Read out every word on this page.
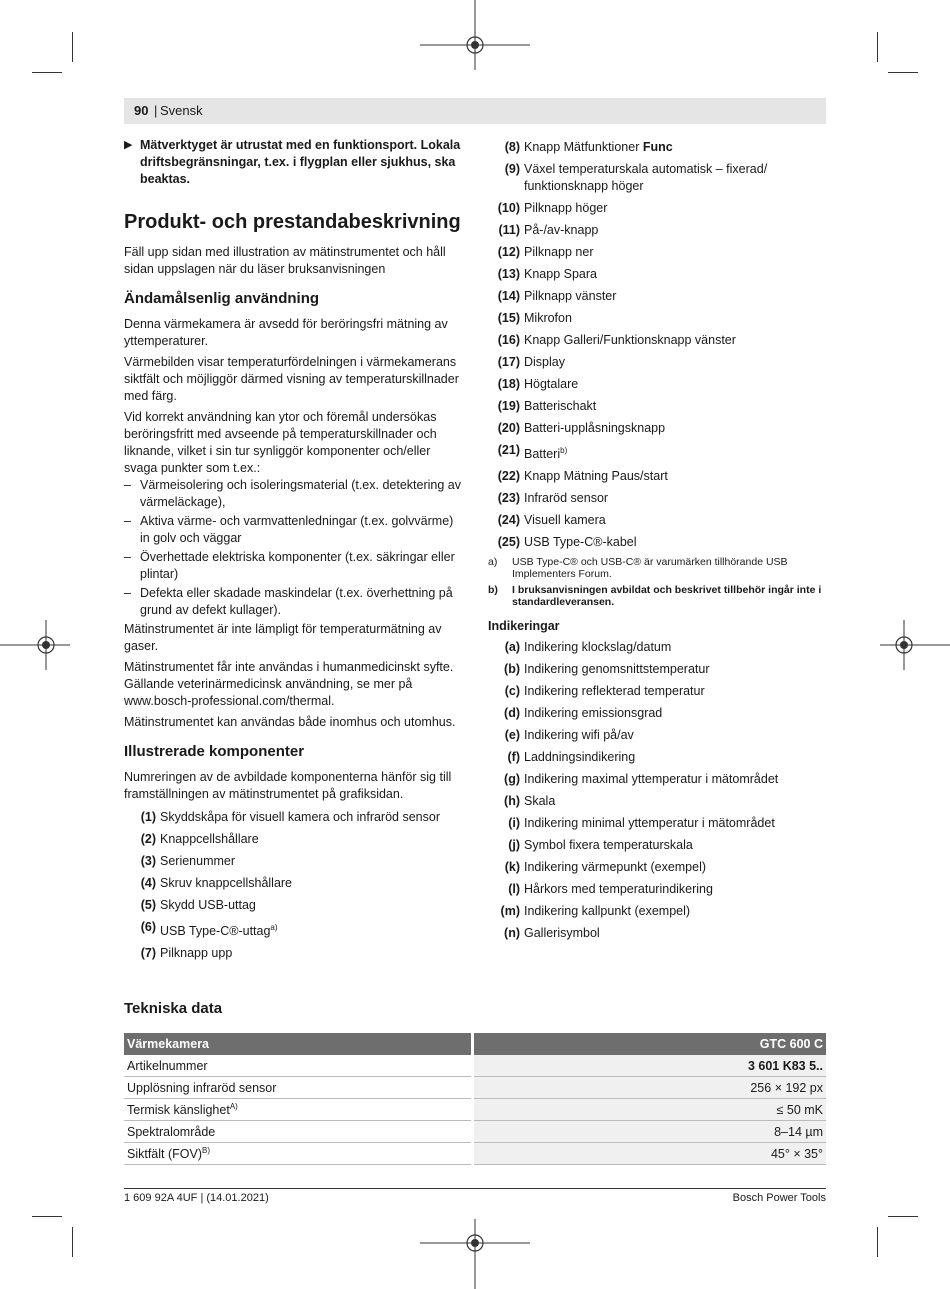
90 | Svensk

▶ Mätverktyget är utrustat med en funktionsport. Lokala driftsbegränsningar, t.ex. i flygplan eller sjukhus, ska beaktas.

Produkt- och prestandabeskrivning

Fäll upp sidan med illustration av mätinstrumentet och håll sidan uppslagen när du läser bruksanvisningen

Ändamålsenlig användning

Denna värmekamera är avsedd för beröringsfri mätning av yttemperaturer.

Värmebilden visar temperaturfördelningen i värmekamerans siktfält och möjliggör därmed visning av temperaturskillnader med färg.

Vid korrekt användning kan ytor och föremål undersökas beröringsfritt med avseende på temperaturskillnader och liknande, vilket i sin tur synliggör komponenter och/eller svaga punkter som t.ex.:

– Värmeisolering och isoleringsmaterial (t.ex. detektering av värmeläckage),
– Aktiva värme- och varmvattenledningar (t.ex. golvvärme) in golv och väggar
– Överhettade elektriska komponenter (t.ex. säkringar eller plintar)
– Defekta eller skadade maskindelar (t.ex. överhettning på grund av defekt kullager).

Mätinstrumentet är inte lämpligt för temperaturmätning av gaser.

Mätinstrumentet får inte användas i humanmedicinskt syfte. Gällande veterinärmedicinsk användning, se mer på www.bosch-professional.com/thermal.

Mätinstrumentet kan användas både inomhus och utomhus.

Illustrerade komponenter

Numreringen av de avbildade komponenterna hänför sig till framställningen av mätinstrumentet på grafiksidan.

(1) Skyddskåpa för visuell kamera och infraröd sensor
(2) Knappcellshållare
(3) Serienummer
(4) Skruv knappcellshållare
(5) Skydd USB-uttag
(6) USB Type-C®-uttag$^{a)}$
(7) Pilknapp upp
(8) Knapp Mätfunktioner Func
(9) Växel temperaturskala automatisk – fixerad/ funktionsknapp höger
(10) Pilknapp höger
(11) På-/av-knapp
(12) Pilknapp ner
(13) Knapp Spara
(14) Pilknapp vänster
(15) Mikrofon
(16) Knapp Galleri/Funktionsknapp vänster
(17) Display
(18) Högtalare
(19) Batterischakt
(20) Batteri-upplåsningsknapp
(21) Batteri$^{b)}$
(22) Knapp Mätning Paus/start
(23) Infraröd sensor
(24) Visuell kamera
(25) USB Type-C®-kabel

a) USB Type-C® och USB-C® är varumärken tillhörande USB Implementers Forum.

b) I bruksanvisningen avbildat och beskrivet tillbehör ingår inte i standardleveransen.

Indikeringar
(a) Indikering klockslag/datum
(b) Indikering genomsnittstemperatur
(c) Indikering reflekterad temperatur
(d) Indikering emissionsgrad
(e) Indikering wifi på/av
(f) Laddningsindikering
(g) Indikering maximal yttemperatur i mätområdet
(h) Skala
(i) Indikering minimal yttemperatur i mätområdet
(j) Symbol fixera temperaturskala
(k) Indikering värmepunkt (exempel)
(l) Hårkors med temperaturindikering
(m) Indikering kallpunkt (exempel)
(n) Gallerisymbol
Tekniska data
Värmekamera	GTC 600 C
Artikelnummer	3 601 K83 5..
Upplösning infraröd sensor	256 × 192 px
Termisk känslighet$^{A)}$	≤ 50 mK
Spektralområde	8–14 µm
Siktfält (FOV)$^{B)}$	45° × 35°
1 609 92A 4UF | (14.01.2021)	Bosch Power Tools
